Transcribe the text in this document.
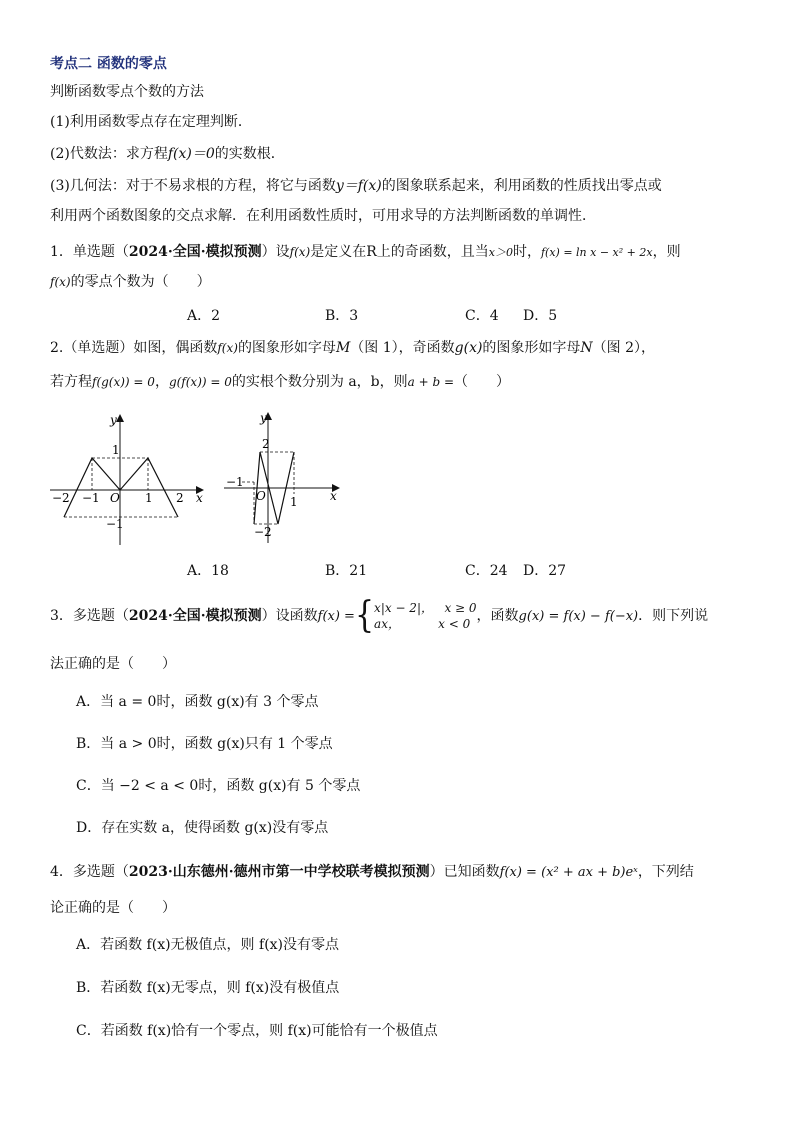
考点二 函数的零点
判断函数零点个数的方法
(1)利用函数零点存在定理判断．
(2)代数法：求方程f(x)＝0的实数根．
(3)几何法：对于不易求根的方程，将它与函数y＝f(x)的图象联系起来，利用函数的性质找出零点或
利用两个函数图象的交点求解．在利用函数性质时，可用求导的方法判断函数的单调性．
1．单选题（2024·全国·模拟预测）设f(x)是定义在R上的奇函数，且当x＞0时，f(x) = ln x − x² + 2x，则
f(x)的零点个数为（　　）
A．2	B．3	C．4 D．5
2.（单选题）如图，偶函数f(x)的图象形如字母M（图 1），奇函数g(x)的图象形如字母N（图 2），
若方程f(g(x)) = 0，g(f(x)) = 0的实根个数分别为 a，b，则a + b =（　　）
y
x
O
−2 −1	1 2
1
−1
y
x
O
−1
1
2
−2
A．18	B．21	C．24 D．27
3．多选题（2024·全国·模拟预测）设函数f(x) ={x|x − 2|， x ≥ 0
ax，	x < 0 ，函数g(x) = f(x) − f(−x)．则下列说
法正确的是（　　）
A．当 a = 0时，函数 g(x)有 3 个零点
B．当 a > 0时，函数 g(x)只有 1 个零点
C．当 −2 < a < 0时，函数 g(x)有 5 个零点
D．存在实数 a，使得函数 g(x)没有零点
4．多选题（2023·山东德州·德州市第一中学校联考模拟预测）已知函数f(x) = (x² + ax + b)eˣ，下列结
论正确的是（　　）
A．若函数 f(x)无极值点，则 f(x)没有零点
B．若函数 f(x)无零点，则 f(x)没有极值点
C．若函数 f(x)恰有一个零点，则 f(x)可能恰有一个极值点
